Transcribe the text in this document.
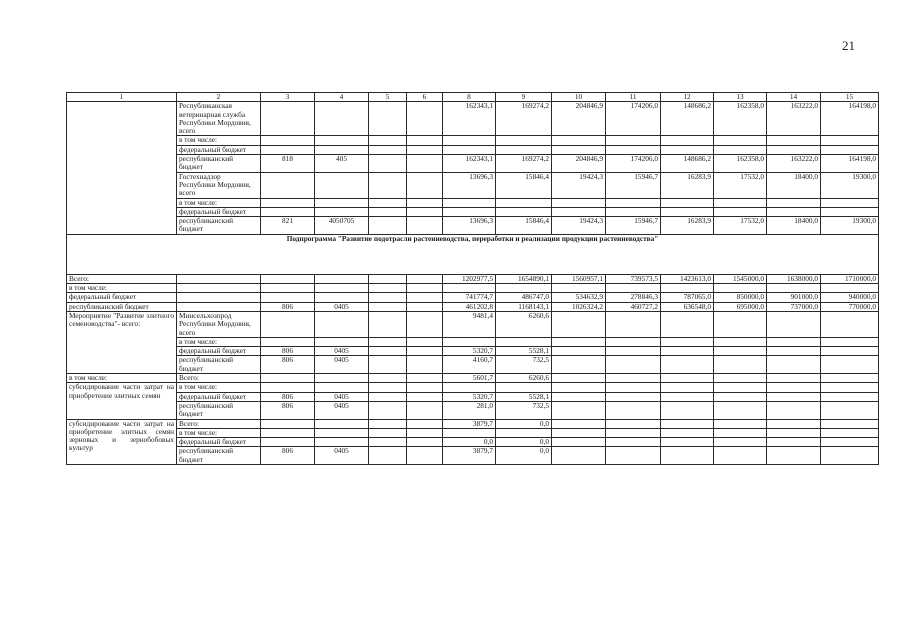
21
1	2	3	4	5	6	8	9	10	11	12	13	14	15
	Республиканская ветеринарная служба Республики Мордовия, всего					162343,1	169274,2	204846,9	174206,0	148686,2	162358,0	163222,0	164198,0
	в том числе:												
	федеральный бюджет												
	республиканский бюджет	818	405			162343,1	169274,2	204846,9	174206,0	148686,2	162358,0	163222,0	164198,0
	Гостехнадзор Республики Мордовия, всего					13696,3	15846,4	19424,3	15946,7	16283,9	17532,0	18400,0	19300,0
	в том числе:												
	федеральный бюджет												
	республиканский бюджет	821	4050705			13696,3	15846,4	19424,3	15946,7	16283,9	17532,0	18400,0	19300,0
Подпрограмма "Развитие подотрасли растениеводства, переработки и реализации продукции растениеводства"													
Всего:						1202977,5	1654890,1	1560957,1	739573,5	1423613,0	1545000,0	1638000,0	1710000,0
в том числе:													
федеральный бюджет						741774,7	486747,0	534632,9	278846,3	787065,0	850000,0	901000,0	940000,0
республиканский бюджет		806	0405			461202,8	1168143,1	1026324,2	460727,2	636548,0	695000,0	737000,0	770000,0
Мероприятие "Развитие элитного семеноводства"- всего:	Минсельхозпрод Республики Мордовия, всего					9481,4	6260,6						
	в том числе:												
	федеральный бюджет	806	0405			5320,7	5528,1						
	республиканский бюджет	806	0405			4160,7	732,5						
в том числе:	Всего:					5601,7	6260,6						
субсидирование части затрат на приобретение элитных семян	в том числе:												
	федеральный бюджет	806	0405			5320,7	5528,1						
	республиканский бюджет	806	0405			281,0	732,5						
субсидирование части затрат на приобретение элитных семян зерновых и зернобобовых культур	Всего:					3879,7	0,0						
	в том числе:												
	федеральный бюджет					0,0	0,0						
	республиканский бюджет	806	0405			3879,7	0,0						
